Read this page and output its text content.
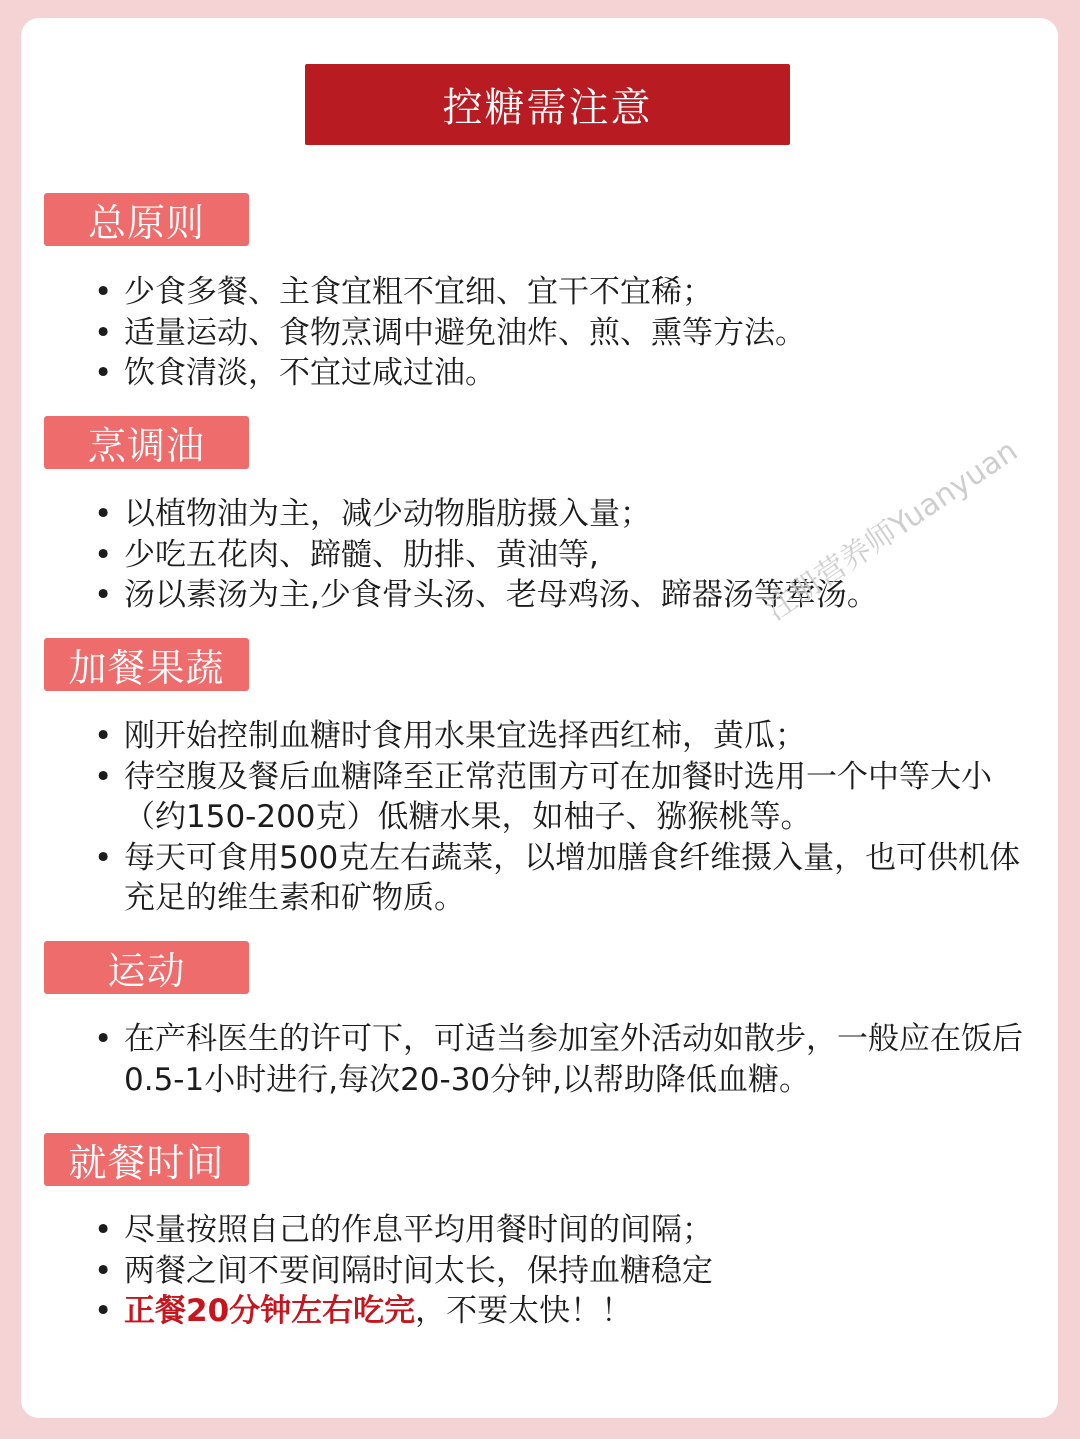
控糖需注意
总原则
• 少食多餐、主食宜粗不宜细、宜干不宜稀；
• 适量运动、食物烹调中避免油炸、煎、熏等方法。
• 饮食清淡，不宜过咸过油。
烹调油
• 以植物油为主，减少动物脂肪摄入量；
• 少吃五花肉、蹄髓、肋排、黄油等,
• 汤以素汤为主,少食骨头汤、老母鸡汤、蹄器汤等荤汤。
加餐果蔬
• 刚开始控制血糖时食用水果宜选择西红柿，黄瓜；
• 待空腹及餐后血糖降至正常范围方可在加餐时选用一个中等大小（约150-200克）低糖水果，如柚子、猕猴桃等。
• 每天可食用500克左右蔬菜，以增加膳食纤维摄入量，也可供机体充足的维生素和矿物质。
运动
• 在产科医生的许可下，可适当参加室外活动如散步，一般应在饭后0.5-1小时进行,每次20-30分钟,以帮助降低血糖。
就餐时间
• 尽量按照自己的作息平均用餐时间的间隔；
• 两餐之间不要间隔时间太长，保持血糖稳定
• 正餐20分钟左右吃完，不要太快！！
注册营养师Yuanyuan
